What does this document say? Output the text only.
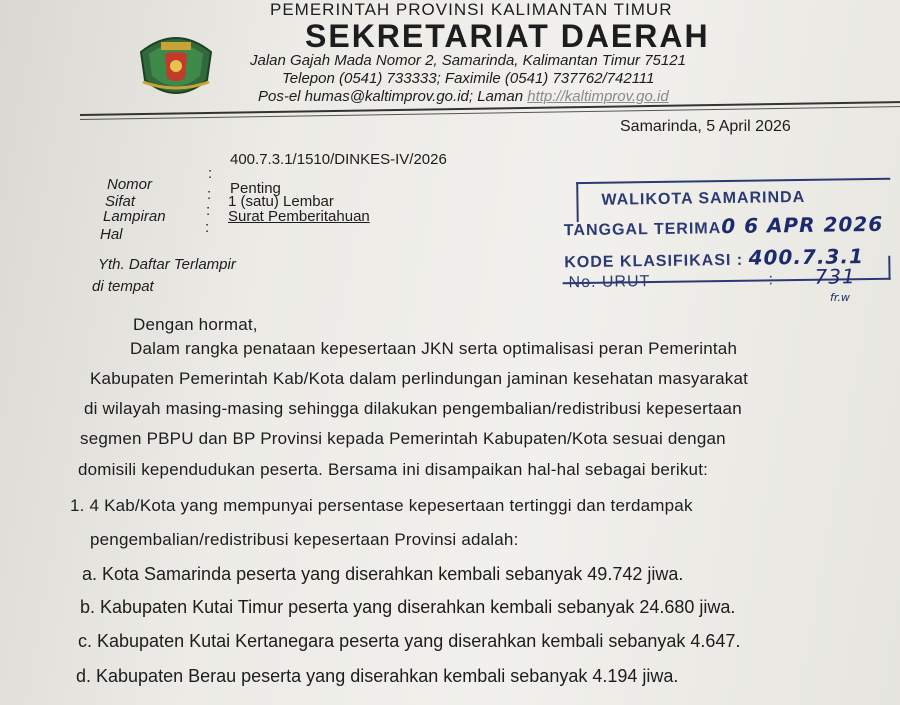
PEMERINTAH PROVINSI KALIMANTAN TIMUR
SEKRETARIAT DAERAH
Jalan Gajah Mada Nomor 2, Samarinda, Kalimantan Timur 75121
Telepon (0541) 733333; Faximile (0541) 737762/742111
Pos-el humas@kaltimprov.go.id; Laman http://kaltimprov.go.id
Samarinda, 5 April 2026
Nomor
Sifat
Lampiran
Hal
:
:
:
:
400.7.3.1/1510/DINKES-IV/2026
Penting
1 (satu) Lembar
Surat Pemberitahuan
WALIKOTA SAMARINDA
TANGGAL TERIMA0 6 APR 2026
KODE KLASIFIKASI : 400.7.3.1
No. URUT	: 731
fr.w
Yth. Daftar Terlampir
di tempat
Dengan hormat,
Dalam rangka penataan kepesertaan JKN serta optimalisasi peran Pemerintah
Kabupaten Pemerintah Kab/Kota dalam perlindungan jaminan kesehatan masyarakat
di wilayah masing-masing sehingga dilakukan pengembalian/redistribusi kepesertaan
segmen PBPU dan BP Provinsi kepada Pemerintah Kabupaten/Kota sesuai dengan
domisili kependudukan peserta. Bersama ini disampaikan hal-hal sebagai berikut:
1. 4 Kab/Kota yang mempunyai persentase kepesertaan tertinggi dan terdampak
pengembalian/redistribusi kepesertaan Provinsi adalah:
a. Kota Samarinda peserta yang diserahkan kembali sebanyak 49.742 jiwa.
b. Kabupaten Kutai Timur peserta yang diserahkan kembali sebanyak 24.680 jiwa.
c. Kabupaten Kutai Kertanegara peserta yang diserahkan kembali sebanyak 4.647.
d. Kabupaten Berau peserta yang diserahkan kembali sebanyak 4.194 jiwa.
